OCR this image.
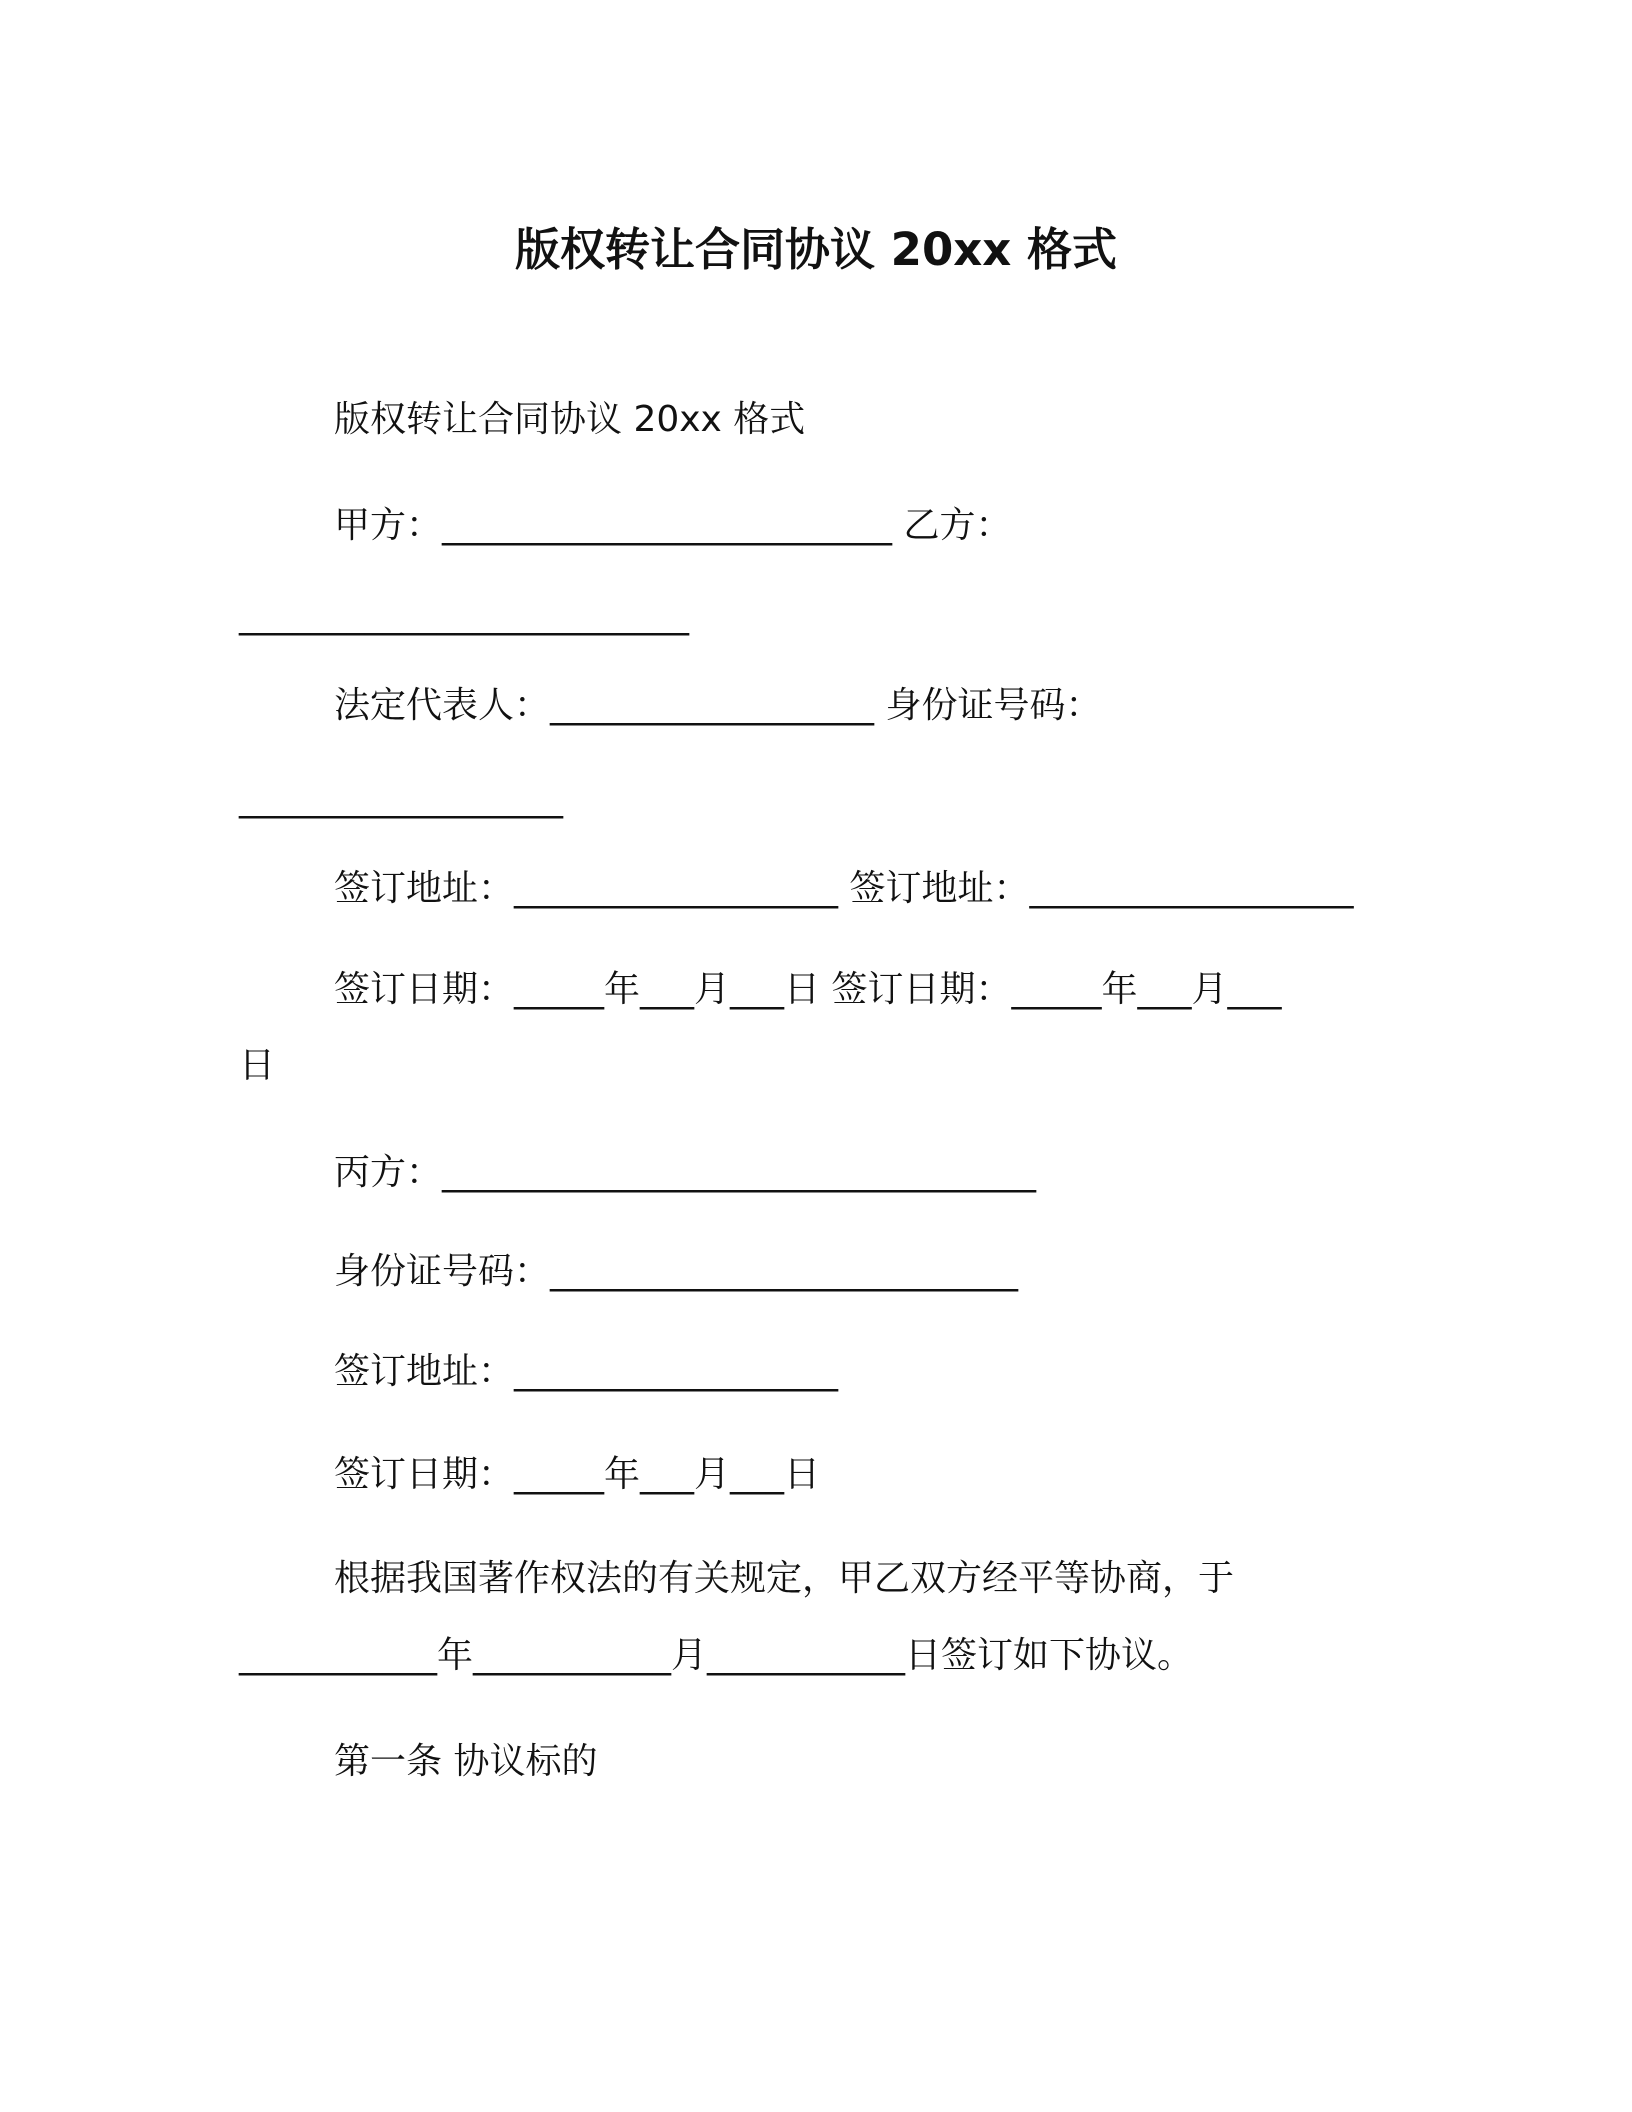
版权转让合同协议 20xx 格式
版权转让合同协议 20xx 格式
甲方：_________________________ 乙方：
_________________________
法定代表人：__________________ 身份证号码：
__________________
签订地址：__________________ 签订地址：__________________
签订日期：_____年___月___日 签订日期：_____年___月___
日
丙方：_________________________________
身份证号码：__________________________
签订地址：__________________
签订日期：_____年___月___日
根据我国著作权法的有关规定，甲乙双方经平等协商，于
___________年___________月___________日签订如下协议。
第一条 协议标的
